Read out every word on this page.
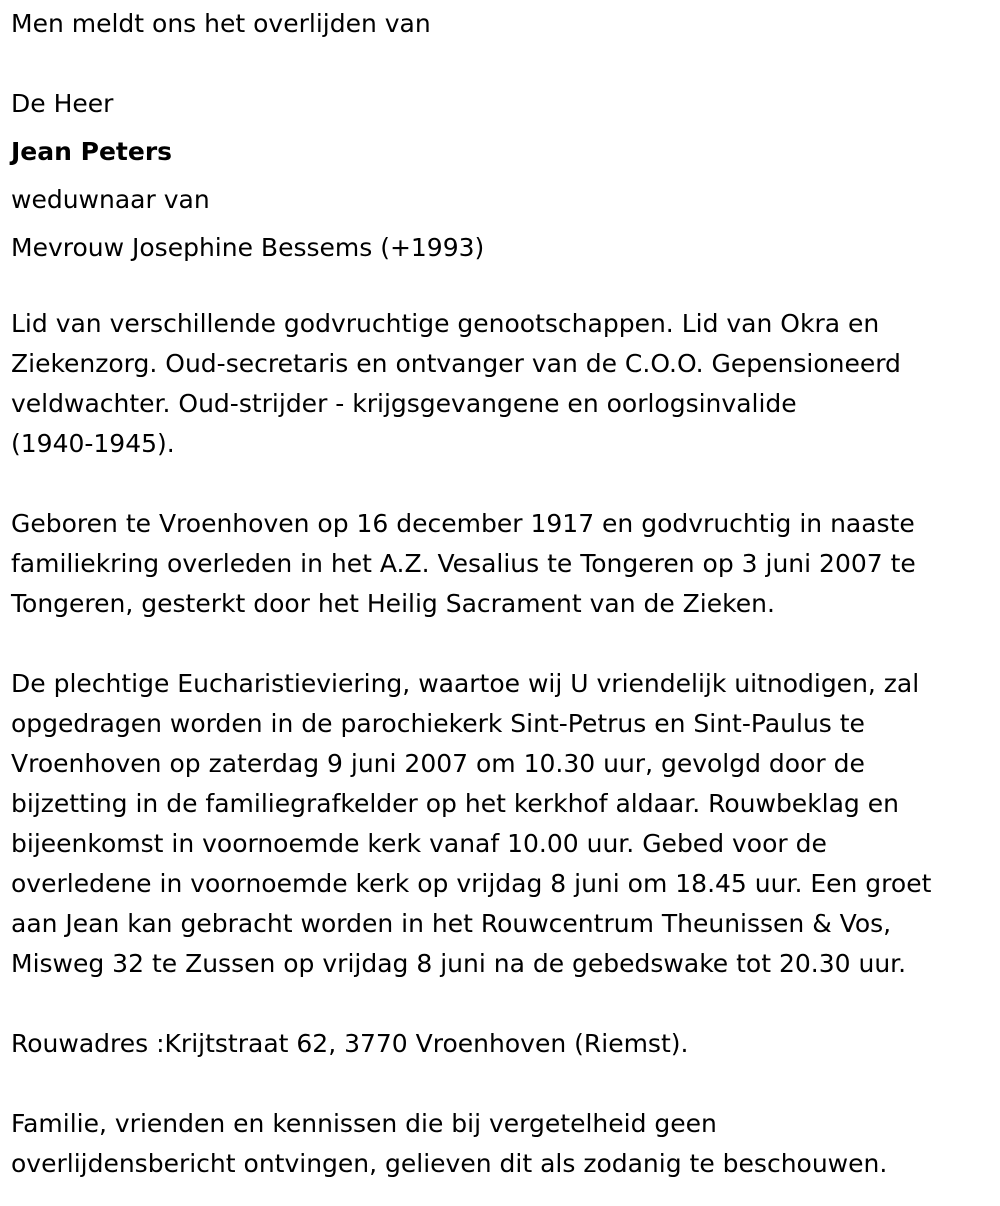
Men meldt ons het overlijden van
De Heer
Jean Peters
weduwnaar van
Mevrouw Josephine Bessems (+1993)
Lid van verschillende godvruchtige genootschappen. Lid van Okra en
Ziekenzorg. Oud-secretaris en ontvanger van de C.O.O. Gepensioneerd
veldwachter. Oud-strijder - krijgsgevangene en oorlogsinvalide
(1940-1945).
Geboren te Vroenhoven op 16 december 1917 en godvruchtig in naaste
familiekring overleden in het A.Z. Vesalius te Tongeren op 3 juni 2007 te
Tongeren, gesterkt door het Heilig Sacrament van de Zieken.
De plechtige Eucharistieviering, waartoe wij U vriendelijk uitnodigen, zal
opgedragen worden in de parochiekerk Sint-Petrus en Sint-Paulus te
Vroenhoven op zaterdag 9 juni 2007 om 10.30 uur, gevolgd door de
bijzetting in de familiegrafkelder op het kerkhof aldaar. Rouwbeklag en
bijeenkomst in voornoemde kerk vanaf 10.00 uur. Gebed voor de
overledene in voornoemde kerk op vrijdag 8 juni om 18.45 uur. Een groet
aan Jean kan gebracht worden in het Rouwcentrum Theunissen & Vos,
Misweg 32 te Zussen op vrijdag 8 juni na de gebedswake tot 20.30 uur.
Rouwadres :Krijtstraat 62, 3770 Vroenhoven (Riemst).
Familie, vrienden en kennissen die bij vergetelheid geen
overlijdensbericht ontvingen, gelieven dit als zodanig te beschouwen.
